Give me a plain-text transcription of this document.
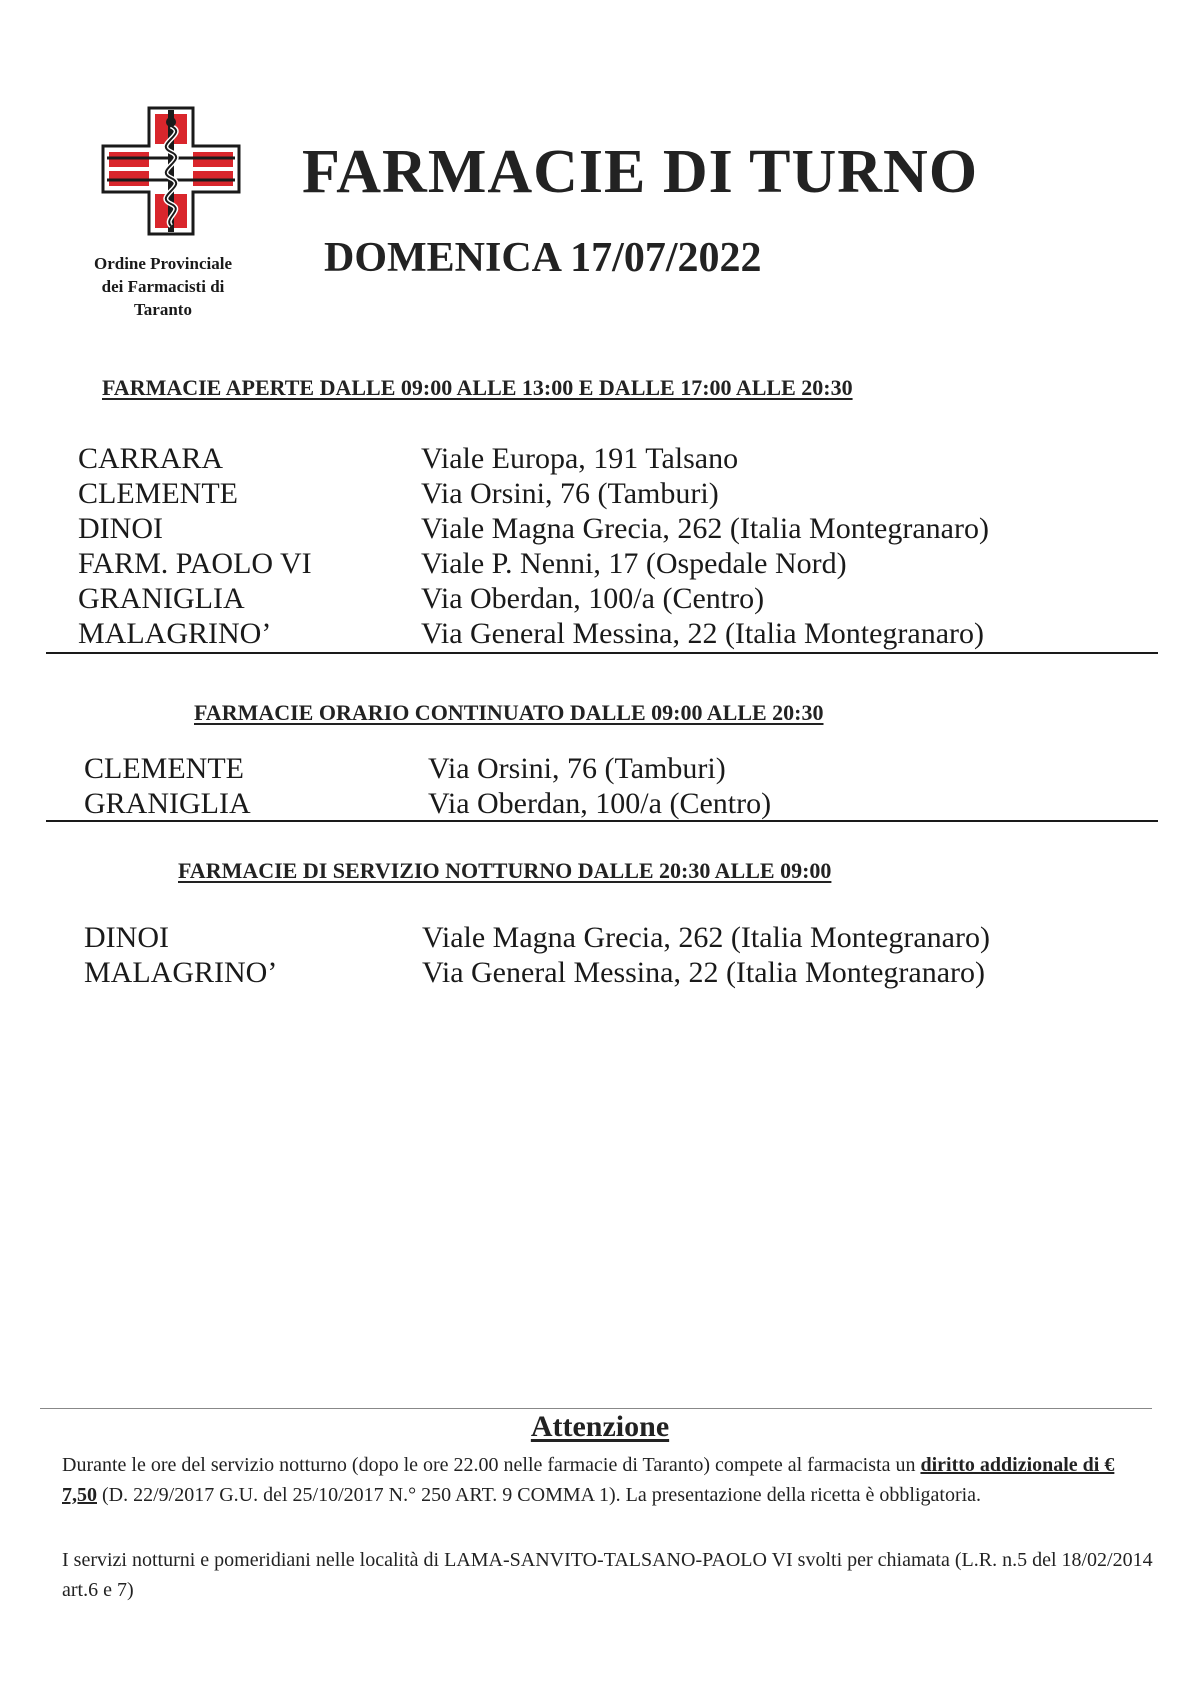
Ordine Provinciale
dei Farmacisti di
Taranto
FARMACIE DI TURNO
DOMENICA 17/07/2022
FARMACIE APERTE DALLE 09:00 ALLE 13:00 E DALLE 17:00 ALLE 20:30
CARRARA	Viale Europa, 191 Talsano
CLEMENTE	Via Orsini, 76 (Tamburi)
DINOI	Viale Magna Grecia, 262 (Italia Montegranaro)
FARM. PAOLO VI	Viale P. Nenni, 17 (Ospedale Nord)
GRANIGLIA	Via Oberdan, 100/a (Centro)
MALAGRINO’	Via General Messina, 22 (Italia Montegranaro)
FARMACIE ORARIO CONTINUATO DALLE 09:00 ALLE 20:30
CLEMENTE	Via Orsini, 76 (Tamburi)
GRANIGLIA	Via Oberdan, 100/a (Centro)
FARMACIE DI SERVIZIO NOTTURNO DALLE 20:30 ALLE 09:00
DINOI	Viale Magna Grecia, 262 (Italia Montegranaro)
MALAGRINO’	Via General Messina, 22 (Italia Montegranaro)
Attenzione
Durante le ore del servizio notturno (dopo le ore 22.00 nelle farmacie di Taranto) compete al farmacista un diritto addizionale di € 7,50 (D. 22/9/2017 G.U. del 25/10/2017 N.° 250 ART. 9 COMMA 1). La presentazione della ricetta è obbligatoria.
I servizi notturni e pomeridiani nelle località di LAMA-SANVITO-TALSANO-PAOLO VI svolti per chiamata (L.R. n.5 del 18/02/2014 art.6 e 7)
